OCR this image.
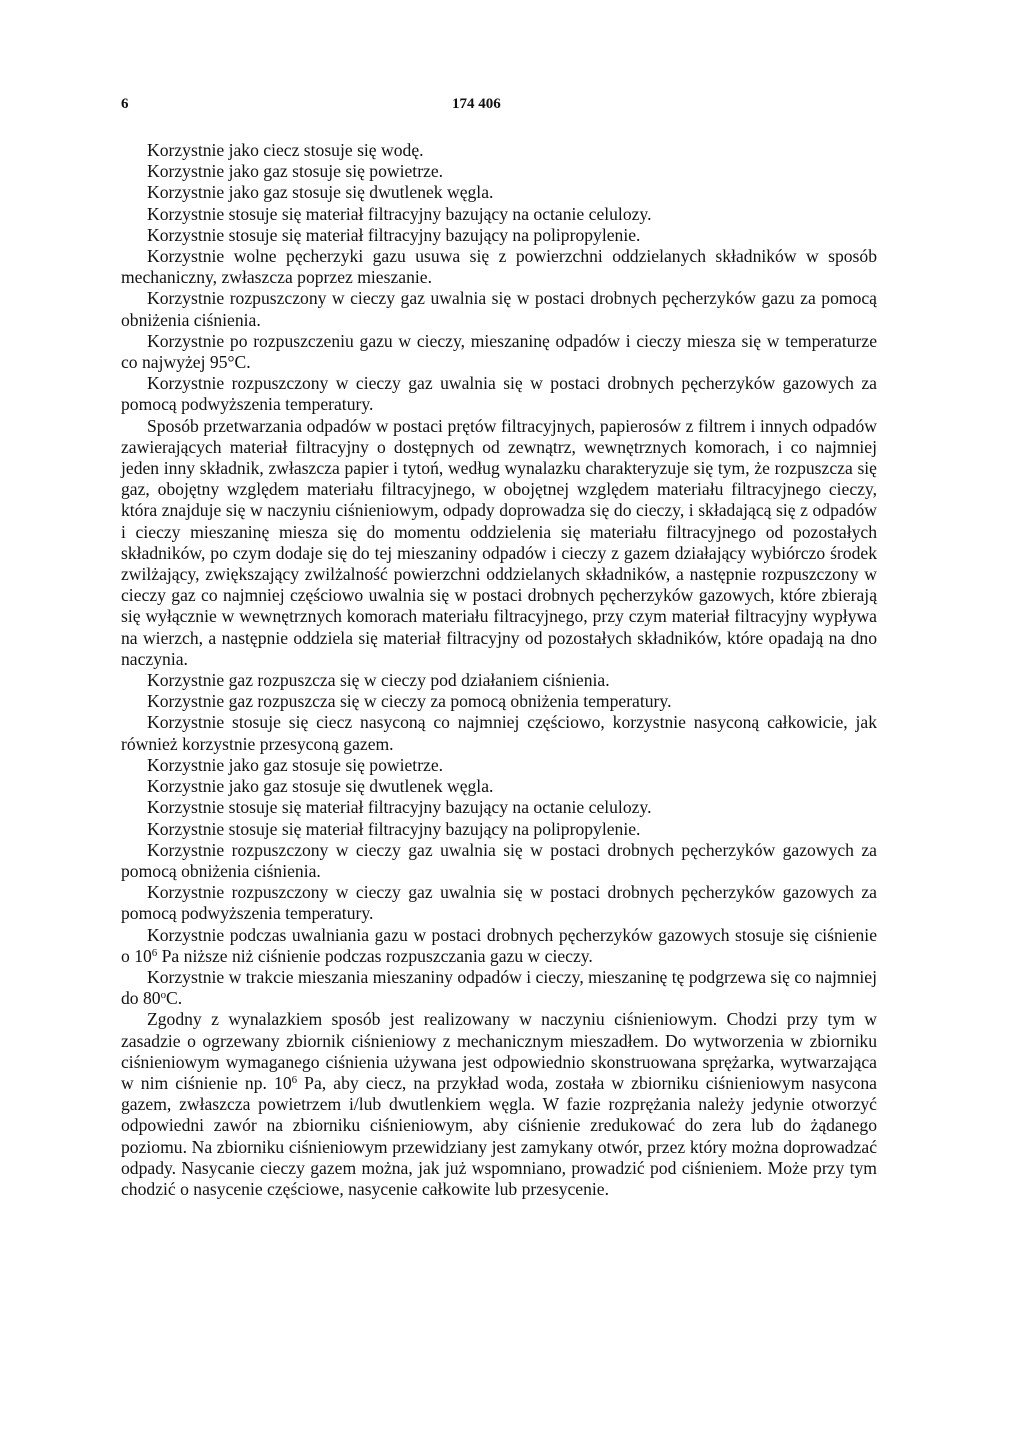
6	174 406

Korzystnie jako ciecz stosuje się wodę.

Korzystnie jako gaz stosuje się powietrze.

Korzystnie jako gaz stosuje się dwutlenek węgla.

Korzystnie stosuje się materiał filtracyjny bazujący na octanie celulozy.

Korzystnie stosuje się materiał filtracyjny bazujący na polipropylenie.

Korzystnie wolne pęcherzyki gazu usuwa się z powierzchni oddzielanych składników w sposób mechaniczny, zwłaszcza poprzez mieszanie.

Korzystnie rozpuszczony w cieczy gaz uwalnia się w postaci drobnych pęcherzyków gazu za pomocą obniżenia ciśnienia.

Korzystnie po rozpuszczeniu gazu w cieczy, mieszaninę odpadów i cieczy miesza się w temperaturze co najwyżej 95°C.

Korzystnie rozpuszczony w cieczy gaz uwalnia się w postaci drobnych pęcherzyków gazowych za pomocą podwyższenia temperatury.

Sposób przetwarzania odpadów w postaci prętów filtracyjnych, papierosów z filtrem i innych odpadów zawierających materiał filtracyjny o dostępnych od zewnątrz, wewnętrznych komorach, i co najmniej jeden inny składnik, zwłaszcza papier i tytoń, według wynalazku charakteryzuje się tym, że rozpuszcza się gaz, obojętny względem materiału filtracyjnego, w obojętnej względem materiału filtracyjnego cieczy, która znajduje się w naczyniu ciśnieniowym, odpady doprowadza się do cieczy, i składającą się z odpadów i cieczy mieszaninę miesza się do momentu oddzielenia się materiału filtracyjnego od pozostałych składników, po czym dodaje się do tej mieszaniny odpadów i cieczy z gazem działający wybiórczo środek zwilżający, zwiększający zwilżalność powierzchni oddzielanych składników, a następnie rozpuszczony w cieczy gaz co najmniej częściowo uwalnia się w postaci drobnych pęcherzyków gazowych, które zbierają się wyłącznie w wewnętrznych komorach materiału filtracyjnego, przy czym materiał filtracyjny wypływa na wierzch, a następnie oddziela się materiał filtracyjny od pozostałych składników, które opadają na dno naczynia.

Korzystnie gaz rozpuszcza się w cieczy pod działaniem ciśnienia.

Korzystnie gaz rozpuszcza się w cieczy za pomocą obniżenia temperatury.

Korzystnie stosuje się ciecz nasyconą co najmniej częściowo, korzystnie nasyconą całkowicie, jak również korzystnie przesyconą gazem.

Korzystnie jako gaz stosuje się powietrze.

Korzystnie jako gaz stosuje się dwutlenek węgla.

Korzystnie stosuje się materiał filtracyjny bazujący na octanie celulozy.

Korzystnie stosuje się materiał filtracyjny bazujący na polipropylenie.

Korzystnie rozpuszczony w cieczy gaz uwalnia się w postaci drobnych pęcherzyków gazowych za pomocą obniżenia ciśnienia.

Korzystnie rozpuszczony w cieczy gaz uwalnia się w postaci drobnych pęcherzyków gazowych za pomocą podwyższenia temperatury.

Korzystnie podczas uwalniania gazu w postaci drobnych pęcherzyków gazowych stosuje się ciśnienie o $10^6$ Pa niższe niż ciśnienie podczas rozpuszczania gazu w cieczy.

Korzystnie w trakcie mieszania mieszaniny odpadów i cieczy, mieszaninę tę podgrzewa się co najmniej do 80$^o$C.

Zgodny z wynalazkiem sposób jest realizowany w naczyniu ciśnieniowym. Chodzi przy tym w zasadzie o ogrzewany zbiornik ciśnieniowy z mechanicznym mieszadłem. Do wytworzenia w zbiorniku ciśnieniowym wymaganego ciśnienia używana jest odpowiednio skonstruowana sprężarka, wytwarzająca w nim ciśnienie np. $10^6$ Pa, aby ciecz, na przykład woda, została w zbiorniku ciśnieniowym nasycona gazem, zwłaszcza powietrzem i/lub dwutlenkiem węgla. W fazie rozprężania należy jedynie otworzyć odpowiedni zawór na zbiorniku ciśnieniowym, aby ciśnienie zredukować do zera lub do żądanego poziomu. Na zbiorniku ciśnieniowym przewidziany jest zamykany otwór, przez który można doprowadzać odpady. Nasycanie cieczy gazem można, jak już wspomniano, prowadzić pod ciśnieniem. Może przy tym chodzić o nasycenie częściowe, nasycenie całkowite lub przesycenie.
